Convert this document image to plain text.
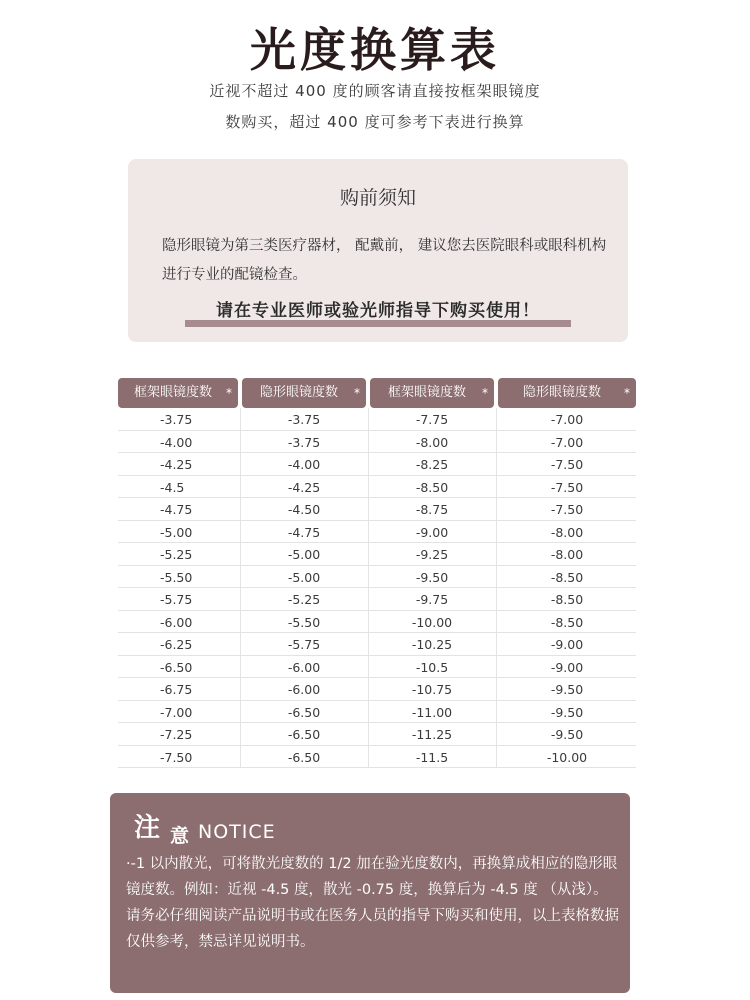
光度换算表
近视不超过 400 度的顾客请直接按框架眼镜度
数购买，超过 400 度可参考下表进行换算
购前须知
隐形眼镜为第三类医疗器材， 配戴前， 建议您去医院眼科或眼科机构进行专业的配镜检查。
请在专业医师或验光师指导下购买使用！
框架眼镜度数 *	隐形眼镜度数 *	框架眼镜度数 *	隐形眼镜度数 *
-3.75	-3.75	-7.75	-7.00
-4.00	-3.75	-8.00	-7.00
-4.25	-4.00	-8.25	-7.50
-4.5	-4.25	-8.50	-7.50
-4.75	-4.50	-8.75	-7.50
-5.00	-4.75	-9.00	-8.00
-5.25	-5.00	-9.25	-8.00
-5.50	-5.00	-9.50	-8.50
-5.75	-5.25	-9.75	-8.50
-6.00	-5.50	-10.00	-8.50
-6.25	-5.75	-10.25	-9.00
-6.50	-6.00	-10.5	-9.00
-6.75	-6.00	-10.75	-9.50
-7.00	-6.50	-11.00	-9.50
-7.25	-6.50	-11.25	-9.50
-7.50	-6.50	-11.5	-10.00
注 意 NOTICE
·-1 以内散光，可将散光度数的 1/2 加在验光度数内，再换算成相应的隐形眼镜度数。例如：近视 -4.5 度，散光 -0.75 度，换算后为 -4.5 度 （从浅）。请务必仔细阅读产品说明书或在医务人员的指导下购买和使用，以上表格数据仅供参考，禁忌详见说明书。
